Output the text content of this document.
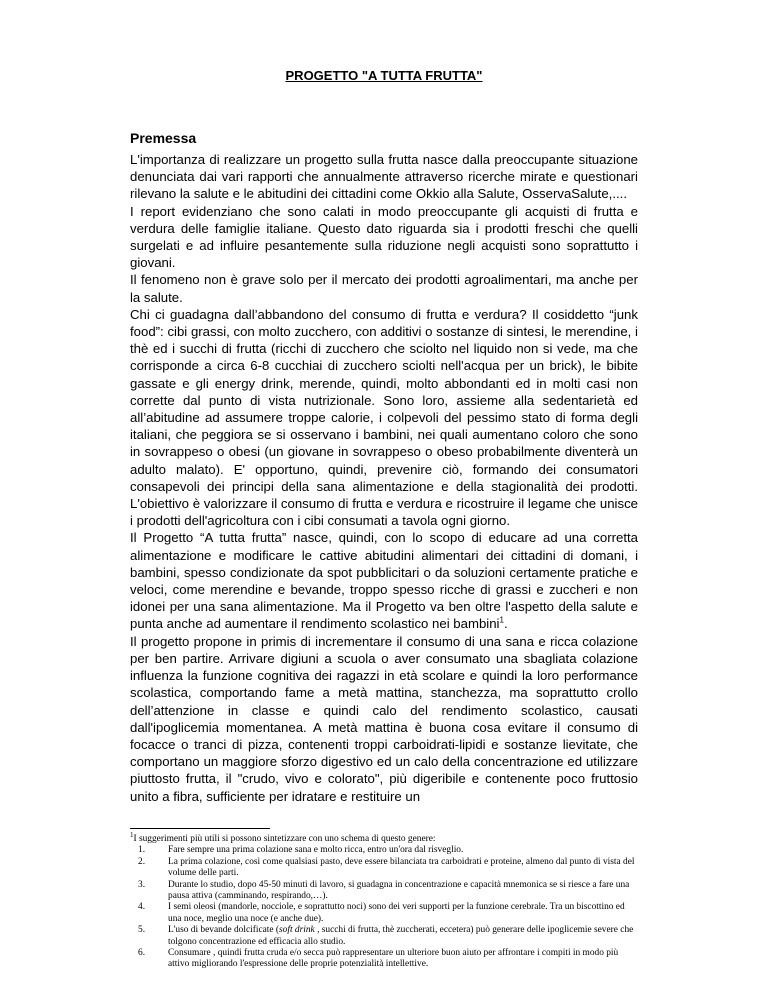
PROGETTO "A TUTTA FRUTTA"
Premessa

L'importanza di realizzare un progetto sulla frutta nasce dalla preoccupante situazione denunciata dai vari rapporti che annualmente attraverso ricerche mirate e questionari rilevano la salute e le abitudini dei cittadini come Okkio alla Salute, OsservaSalute,....

I report evidenziano che sono calati in modo preoccupante gli acquisti di frutta e verdura delle famiglie italiane. Questo dato riguarda sia i prodotti freschi che quelli surgelati e ad influire pesantemente sulla riduzione negli acquisti sono soprattutto i giovani.

Il fenomeno non è grave solo per il mercato dei prodotti agroalimentari, ma anche per la salute.

Chi ci guadagna dall’abbandono del consumo di frutta e verdura? Il cosiddetto “junk food”: cibi grassi, con molto zucchero, con additivi o sostanze di sintesi, le merendine, i thè ed i succhi di frutta (ricchi di zucchero che sciolto nel liquido non si vede, ma che corrisponde a circa 6-8 cucchiai di zucchero sciolti nell'acqua per un brick), le bibite gassate e gli energy drink, merende, quindi, molto abbondanti ed in molti casi non corrette dal punto di vista nutrizionale. Sono loro, assieme alla sedentarietà ed all’abitudine ad assumere troppe calorie, i colpevoli del pessimo stato di forma degli italiani, che peggiora se si osservano i bambini, nei quali aumentano coloro che sono in sovrappeso o obesi (un giovane in sovrappeso o obeso probabilmente diventerà un adulto malato). E' opportuno, quindi, prevenire ciò, formando dei consumatori consapevoli dei principi della sana alimentazione e della stagionalità dei prodotti. L'obiettivo è valorizzare il consumo di frutta e verdura e ricostruire il legame che unisce i prodotti dell'agricoltura con i cibi consumati a tavola ogni giorno.

Il Progetto “A tutta frutta” nasce, quindi, con lo scopo di educare ad una corretta alimentazione e modificare le cattive abitudini alimentari dei cittadini di domani, i bambini, spesso condizionate da spot pubblicitari o da soluzioni certamente pratiche e veloci, come merendine e bevande, troppo spesso ricche di grassi e zuccheri e non idonei per una sana alimentazione. Ma il Progetto va ben oltre l'aspetto della salute e punta anche ad aumentare il rendimento scolastico nei bambini$^1$.

Il progetto propone in primis di incrementare il consumo di una sana e ricca colazione per ben partire. Arrivare digiuni a scuola o aver consumato una sbagliata colazione influenza la funzione cognitiva dei ragazzi in età scolare e quindi la loro performance scolastica, comportando fame a metà mattina, stanchezza, ma soprattutto crollo dell’attenzione in classe e quindi calo del rendimento scolastico, causati dall'ipoglicemia momentanea. A metà mattina è buona cosa evitare il consumo di focacce o tranci di pizza, contenenti troppi carboidrati-lipidi e sostanze lievitate, che comportano un maggiore sforzo digestivo ed un calo della concentrazione ed utilizzare piuttosto frutta, il "crudo, vivo e colorato", più digeribile e contenente poco fruttosio unito a fibra, sufficiente per idratare e restituire un

$^1$I suggerimenti più utili si possono sintetizzare con uno schema di questo genere:

1. Fare sempre una prima colazione sana e molto ricca, entro un'ora dal risveglio.
2. La prima colazione, così come qualsiasi pasto, deve essere bilanciata tra carboidrati e proteine, almeno dal punto di vista del volume delle parti.
3. Durante lo studio, dopo 45-50 minuti di lavoro, si guadagna in concentrazione e capacità mnemonica se si riesce a fare una pausa attiva (camminando, respirando,…).
4. I semi oleosi (mandorle, nocciole, e soprattutto noci) sono dei veri supporti per la funzione cerebrale. Tra un biscottino ed una noce, meglio una noce (e anche due).
5. L'uso di bevande dolcificate (soft drink , succhi di frutta, thè zuccherati, eccetera) può generare delle ipoglicemie severe che tolgono concentrazione ed efficacia allo studio.
6. Consumare , quindi frutta cruda e/o secca può rappresentare un ulteriore buon aiuto per affrontare i compiti in modo più attivo migliorando l'espressione delle proprie potenzialità intellettive.
